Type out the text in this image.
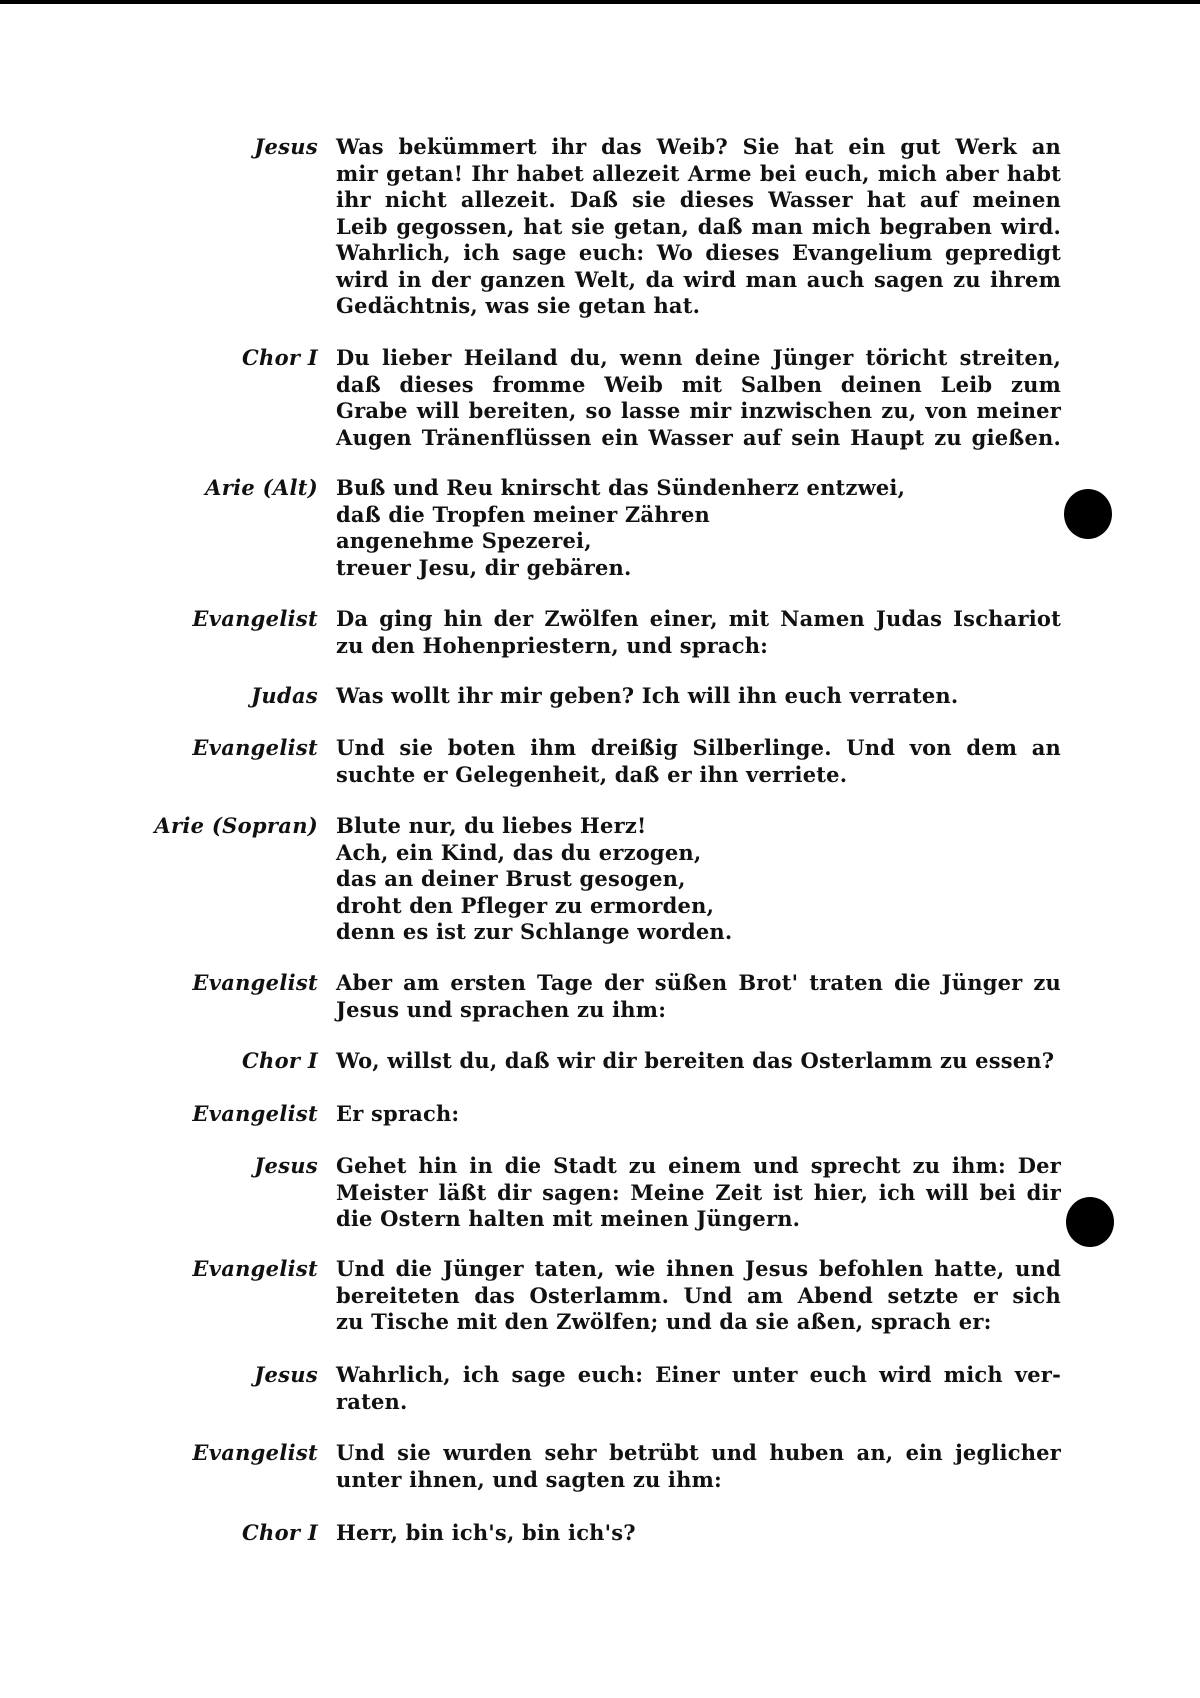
Jesus Was bekümmert ihr das Weib? Sie hat ein gut Werk an
mir getan! Ihr habet allezeit Arme bei euch, mich aber habt
ihr nicht allezeit. Daß sie dieses Wasser hat auf meinen
Leib gegossen, hat sie getan, daß man mich begraben wird.
Wahrlich, ich sage euch: Wo dieses Evangelium gepredigt
wird in der ganzen Welt, da wird man auch sagen zu ihrem
Gedächtnis, was sie getan hat.
Chor I Du lieber Heiland du, wenn deine Jünger töricht streiten,
daß dieses fromme Weib mit Salben deinen Leib zum
Grabe will bereiten, so lasse mir inzwischen zu, von meiner
Augen Tränenflüssen ein Wasser auf sein Haupt zu gießen.
Arie (Alt) Buß und Reu knirscht das Sündenherz entzwei,
daß die Tropfen meiner Zähren
angenehme Spezerei,
treuer Jesu, dir gebären.
Evangelist Da ging hin der Zwölfen einer, mit Namen Judas Ischariot
zu den Hohenpriestern, und sprach:
Judas Was wollt ihr mir geben? Ich will ihn euch verraten.
Evangelist Und sie boten ihm dreißig Silberlinge. Und von dem an
suchte er Gelegenheit, daß er ihn verriete.
Arie (Sopran) Blute nur, du liebes Herz!
Ach, ein Kind, das du erzogen,
das an deiner Brust gesogen,
droht den Pfleger zu ermorden,
denn es ist zur Schlange worden.
Evangelist Aber am ersten Tage der süßen Brot' traten die Jünger zu
Jesus und sprachen zu ihm:
Chor I Wo, willst du, daß wir dir bereiten das Osterlamm zu essen?
Evangelist Er sprach:
Jesus Gehet hin in die Stadt zu einem und sprecht zu ihm: Der
Meister läßt dir sagen: Meine Zeit ist hier, ich will bei dir
die Ostern halten mit meinen Jüngern.
Evangelist Und die Jünger taten, wie ihnen Jesus befohlen hatte, und
bereiteten das Osterlamm. Und am Abend setzte er sich
zu Tische mit den Zwölfen; und da sie aßen, sprach er:
Jesus Wahrlich, ich sage euch: Einer unter euch wird mich ver-
raten.
Evangelist Und sie wurden sehr betrübt und huben an, ein jeglicher
unter ihnen, und sagten zu ihm:
Chor I Herr, bin ich's, bin ich's?
